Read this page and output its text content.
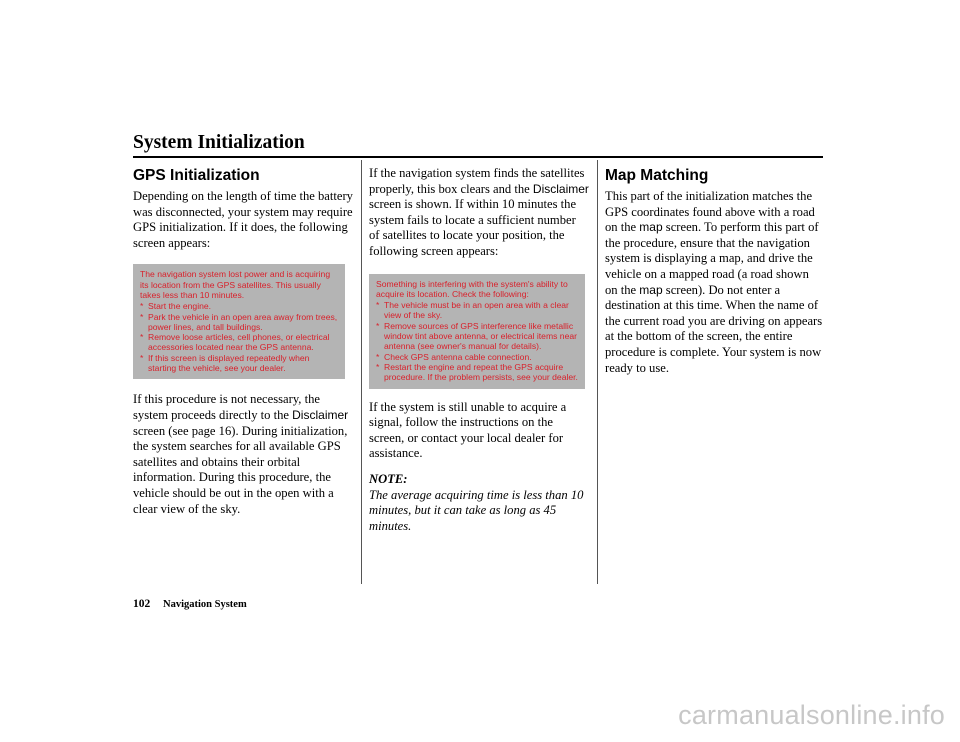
System Initialization
GPS Initialization

Depending on the length of time the battery was disconnected, your system may require GPS initialization. If it does, the following screen appears:

The navigation system lost power and is acquiring its location from the GPS satellites. This usually takes less than 10 minutes.
* Start the engine.
* Park the vehicle in an open area away from trees, power lines, and tall buildings.
* Remove loose articles, cell phones, or electrical accessories located near the GPS antenna.
* If this screen is displayed repeatedly when starting the vehicle, see your dealer.

If this procedure is not necessary, the system proceeds directly to the Disclaimer screen (see page 16). During initialization, the system searches for all available GPS satellites and obtains their orbital information. During this procedure, the vehicle should be out in the open with a clear view of the sky.

If the navigation system finds the satellites properly, this box clears and the Disclaimer screen is shown. If within 10 minutes the system fails to locate a sufficient number of satellites to locate your position, the following screen appears:

Something is interfering with the system's ability to acquire its location. Check the following:
* The vehicle must be in an open area with a clear view of the sky.
* Remove sources of GPS interference like metallic window tint above antenna, or electrical items near antenna (see owner's manual for details).
* Check GPS antenna cable connection.
* Restart the engine and repeat the GPS acquire procedure. If the problem persists, see your dealer.

If the system is still unable to acquire a signal, follow the instructions on the screen, or contact your local dealer for assistance.

NOTE:

The average acquiring time is less than 10 minutes, but it can take as long as 45 minutes.

Map Matching

This part of the initialization matches the GPS coordinates found above with a road on the map screen. To perform this part of the procedure, ensure that the navigation system is displaying a map, and drive the vehicle on a mapped road (a road shown on the map screen). Do not enter a destination at this time. When the name of the current road you are driving on appears at the bottom of the screen, the entire procedure is complete. Your system is now ready to use.

102 Navigation System
carmanualsonline.info
